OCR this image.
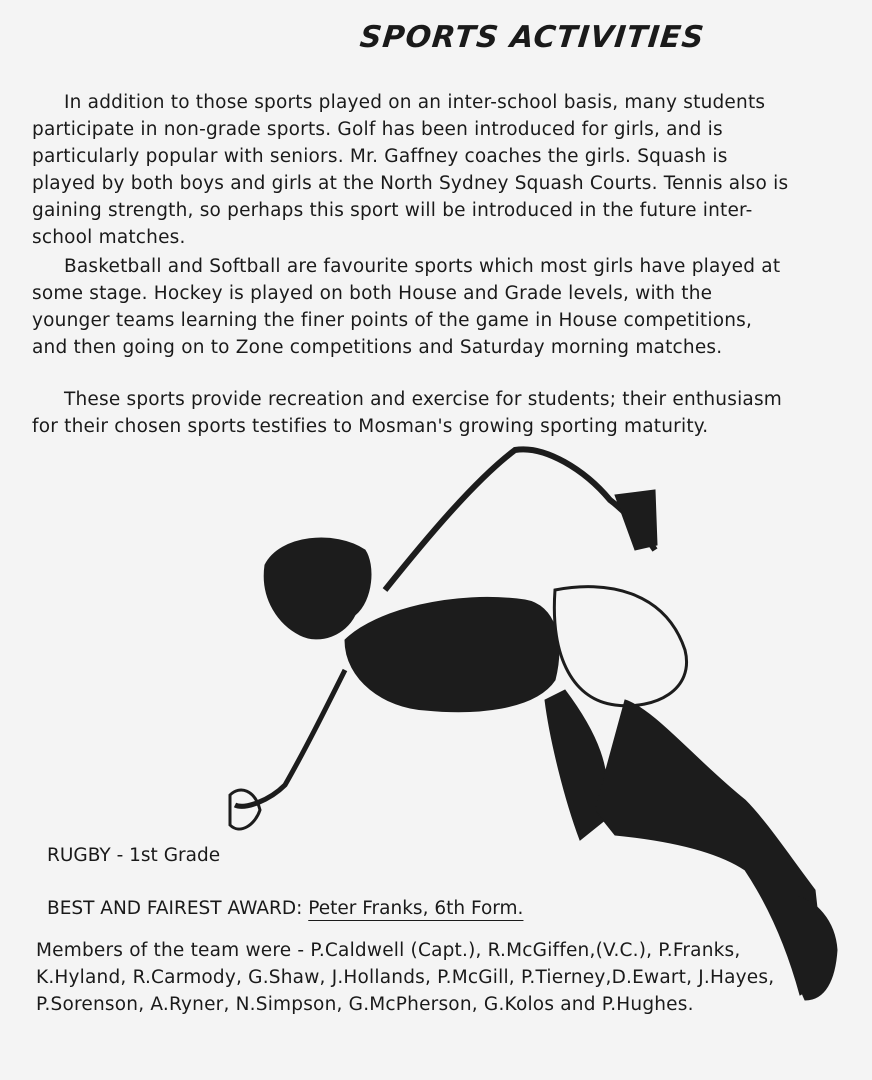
SPORTS ACTIVITIES

In addition to those sports played on an inter-school basis, many students participate in non-grade sports. Golf has been introduced for girls, and is particularly popular with seniors. Mr. Gaffney coaches the girls. Squash is played by both boys and girls at the North Sydney Squash Courts. Tennis also is gaining strength, so perhaps this sport will be introduced in the future inter-school matches.

Basketball and Softball are favourite sports which most girls have played at some stage. Hockey is played on both House and Grade levels, with the younger teams learning the finer points of the game in House competitions, and then going on to Zone competitions and Saturday morning matches.

These sports provide recreation and exercise for students; their enthusiasm for their chosen sports testifies to Mosman's growing sporting maturity.

RUGBY - 1st Grade
BEST AND FAIREST AWARD: Peter Franks, 6th Form.

Members of the team were - P.Caldwell (Capt.), R.McGiffen,(V.C.), P.Franks, K.Hyland, R.Carmody, G.Shaw, J.Hollands, P.McGill, P.Tierney,D.Ewart, J.Hayes, P.Sorenson, A.Ryner, N.Simpson, G.McPherson, G.Kolos and P.Hughes.
